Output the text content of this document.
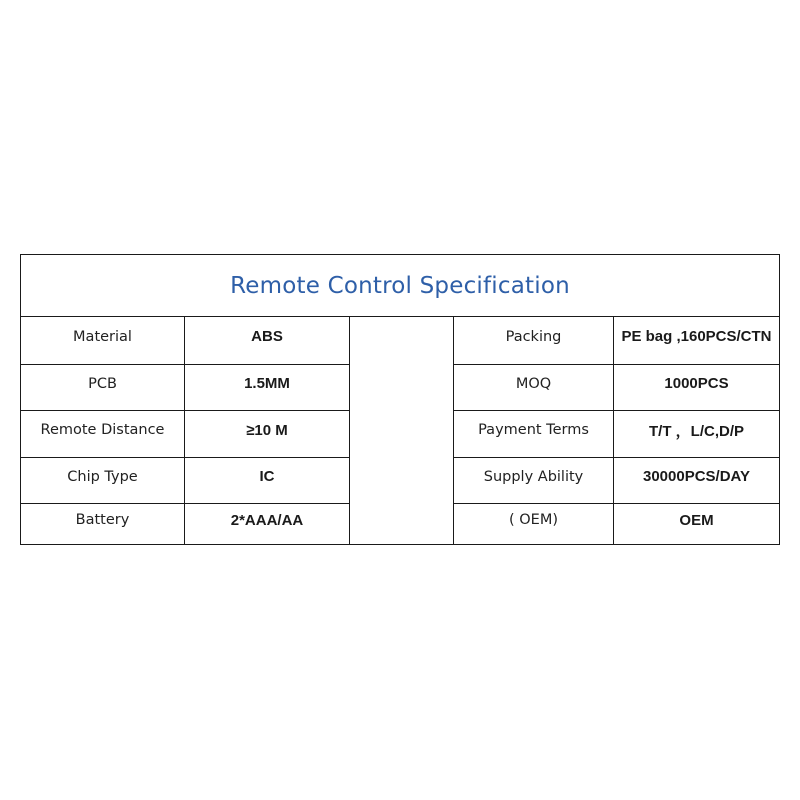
Remote Control Specification
Material	ABS	Packing	PE bag ,160PCS/CTN
PCB	1.5MM	MOQ	1000PCS
Remote Distance	≥10 M	Payment Terms	T/T ，L/C,D/P
Chip Type	IC	Supply Ability	30000PCS/DAY
Battery	2*AAA/AA	( OEM)	OEM
